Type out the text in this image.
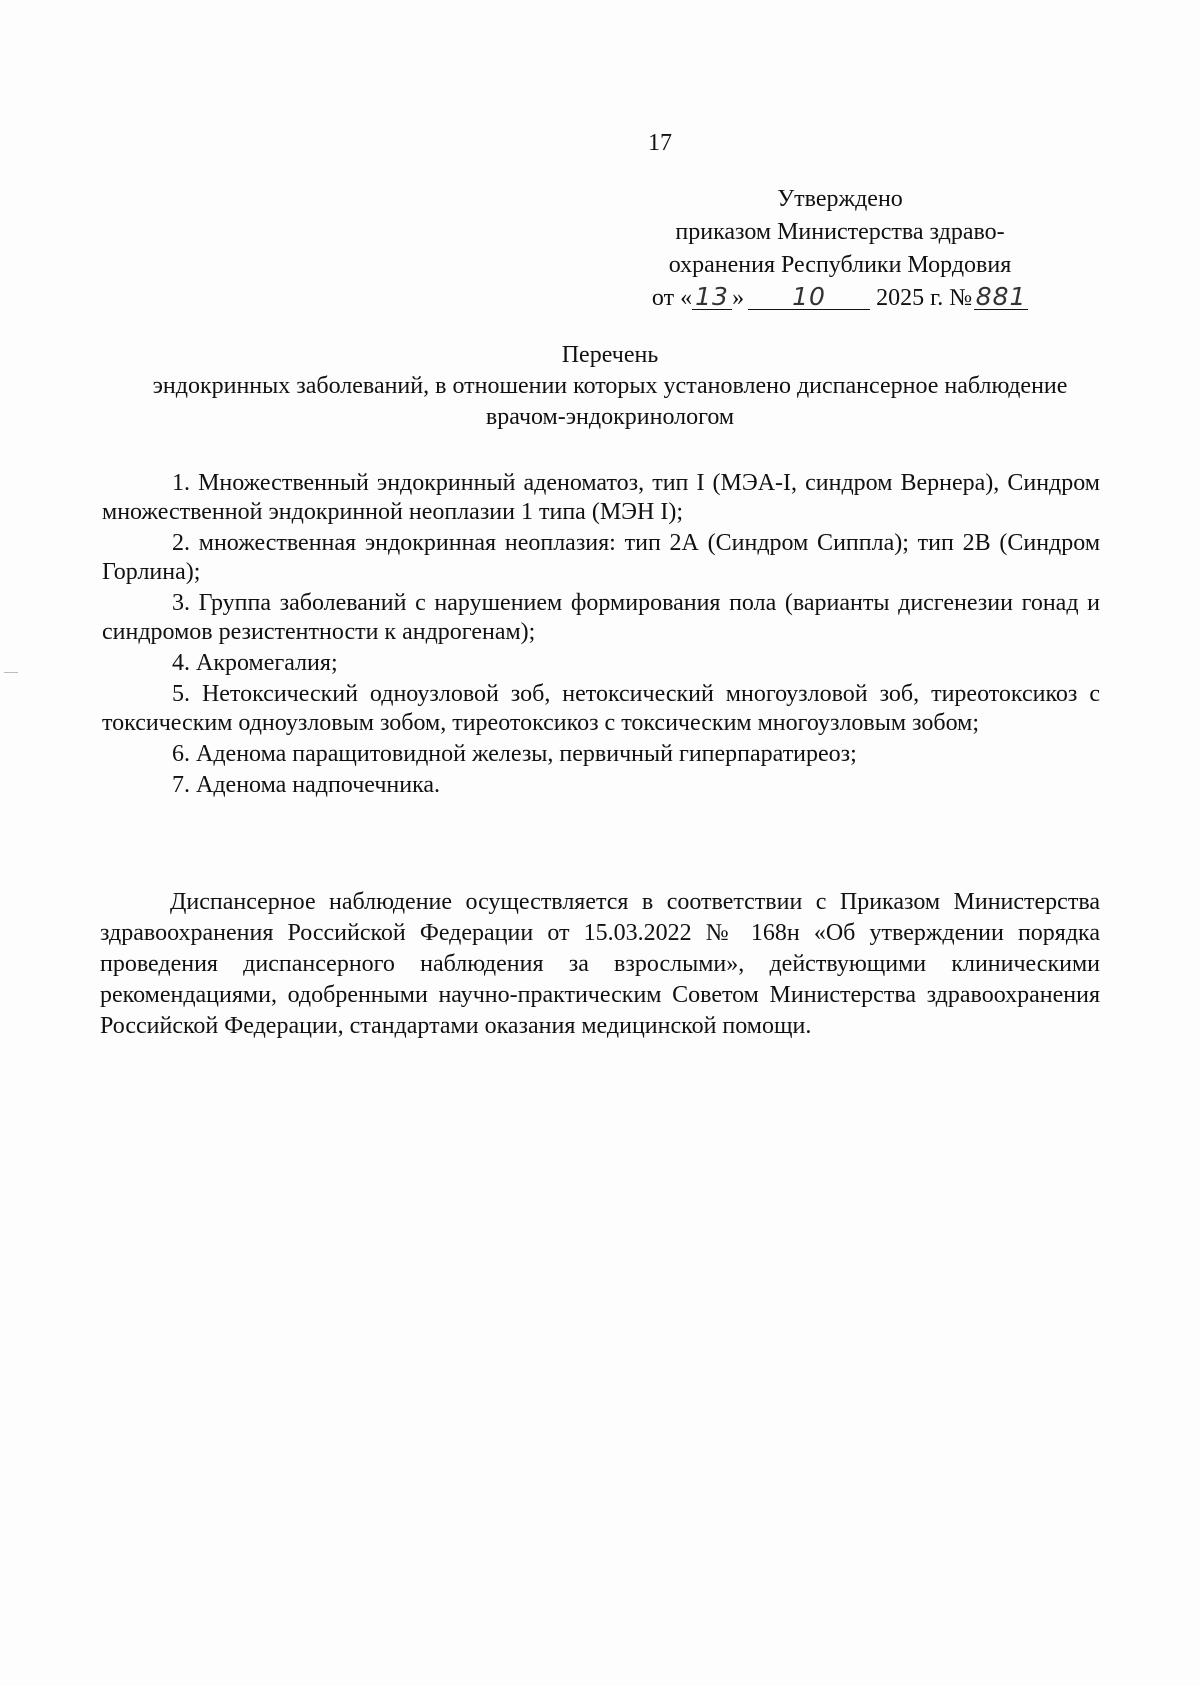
17
Утверждено
приказом Министерства здраво-
охранения Республики Мордовия
от « 13 » 10 2025 г. № 881
Перечень
эндокринных заболеваний, в отношении которых установлено диспансерное наблюдение врачом-эндокринологом

1. Множественный эндокринный аденоматоз, тип I (МЭА-I, синдром Вернера), Синдром множественной эндокринной неоплазии 1 типа (МЭН I);

2. множественная эндокринная неоплазия: тип 2А (Синдром Сиппла); тип 2В (Синдром Горлина);

3. Группа заболеваний с нарушением формирования пола (варианты дисгенезии гонад и синдромов резистентности к андрогенам);

4. Акромегалия;

5. Нетоксический одноузловой зоб, нетоксический многоузловой зоб, тиреотоксикоз с токсическим одноузловым зобом, тиреотоксикоз с токсическим многоузловым зобом;

6. Аденома паращитовидной железы, первичный гиперпаратиреоз;

7. Аденома надпочечника.

Диспансерное наблюдение осуществляется в соответствии с Приказом Министерства здравоохранения Российской Федерации от 15.03.2022 № 168н «Об утверждении порядка проведения диспансерного наблюдения за взрослыми», действующими клиническими рекомендациями, одобренными научно-практическим Советом Министерства здравоохранения Российской Федерации, стандартами оказания медицинской помощи.
